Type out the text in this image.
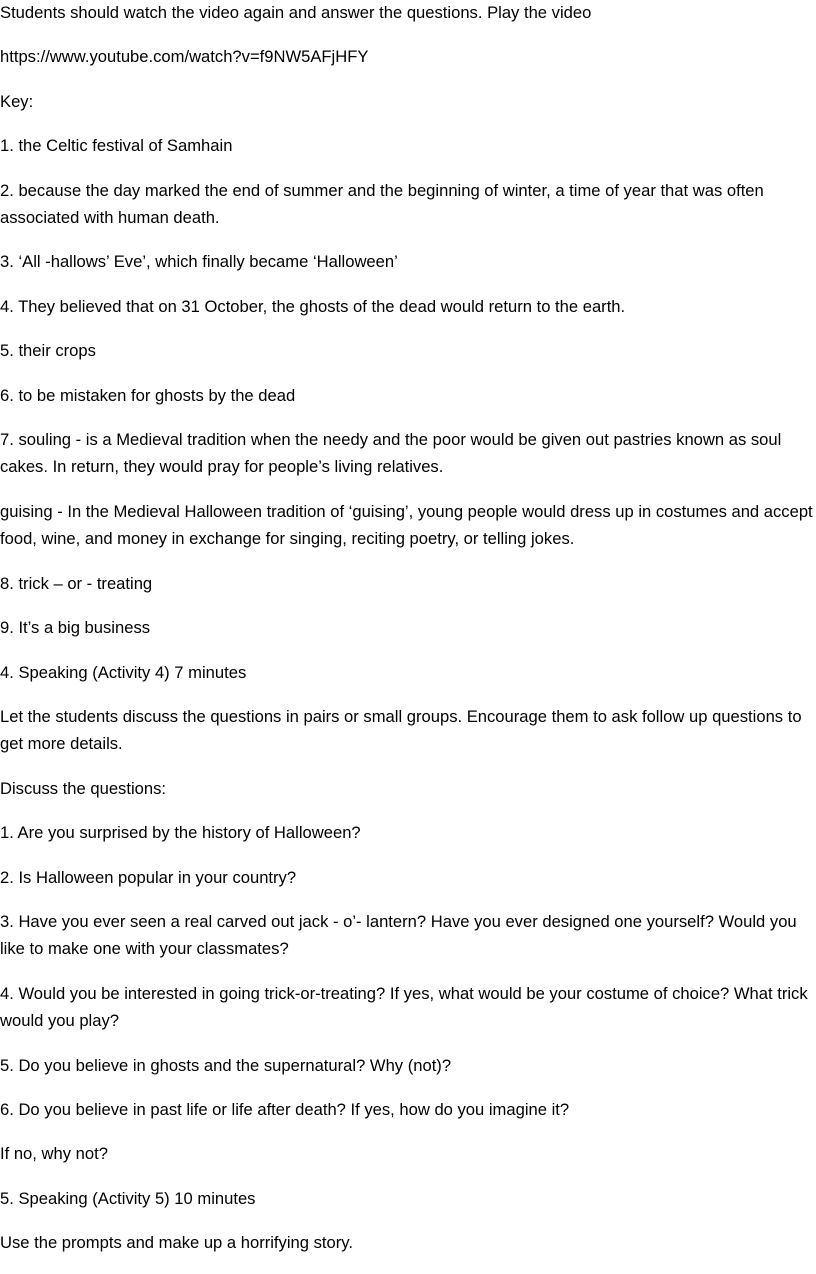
Students should watch the video again and answer the questions. Play the video

https://www.youtube.com/watch?v=f9NW5AFjHFY

Key:

1. the Celtic festival of Samhain

2. because the day marked the end of summer and the beginning of winter, a time of year that was often associated with human death.

3. ‘All -hallows’ Eve’, which finally became ‘Halloween’

4. They believed that on 31 October, the ghosts of the dead would return to the earth.

5. their crops

6. to be mistaken for ghosts by the dead

7. souling - is a Medieval tradition when the needy and the poor would be given out pastries known as soul cakes. In return, they would pray for people’s living relatives.

guising - In the Medieval Halloween tradition of ‘guising’, young people would dress up in costumes and accept food, wine, and money in exchange for singing, reciting poetry, or telling jokes.

8. trick – or - treating

9. It’s a big business

4. Speaking (Activity 4) 7 minutes

Let the students discuss the questions in pairs or small groups. Encourage them to ask follow up questions to get more details.

Discuss the questions:

1. Are you surprised by the history of Halloween?

2. Is Halloween popular in your country?

3. Have you ever seen a real carved out jack - o’- lantern? Have you ever designed one yourself? Would you like to make one with your classmates?

4. Would you be interested in going trick-or-treating? If yes, what would be your costume of choice? What trick would you play?

5. Do you believe in ghosts and the supernatural? Why (not)?

6. Do you believe in past life or life after death? If yes, how do you imagine it?

If no, why not?

5. Speaking (Activity 5) 10 minutes

Use the prompts and make up a horrifying story.
